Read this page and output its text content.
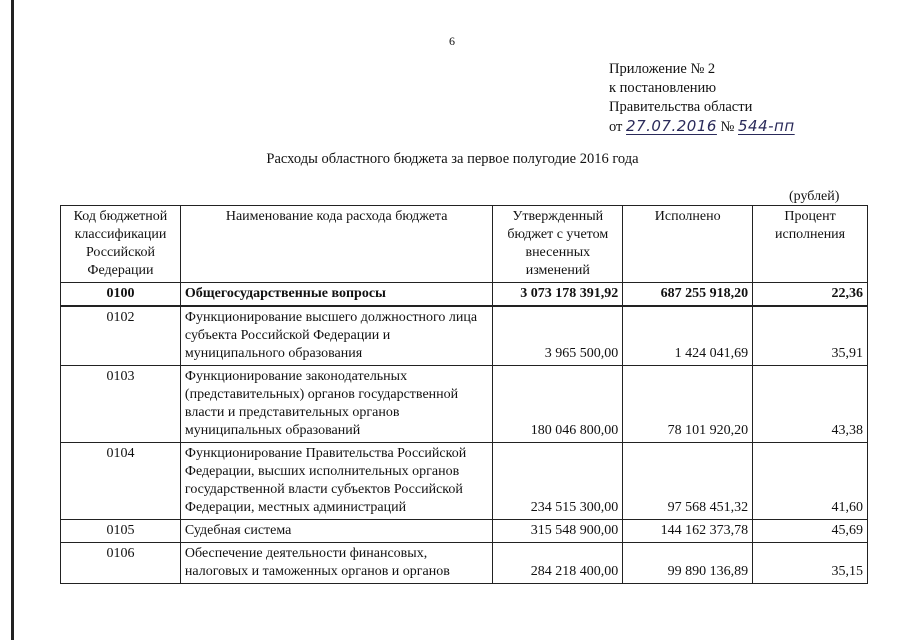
6
Приложение № 2
к постановлению
Правительства области
от 27.07.2016 № 544-пп
Расходы областного бюджета за первое полугодие 2016 года
(рублей)
Код бюджетной классификации Российской Федерации	Наименование кода расхода бюджета	Утвержденный бюджет с учетом внесенных изменений	Исполнено	Процент исполнения
0100	Общегосударственные вопросы	3 073 178 391,92	687 255 918,20	22,36
0102	Функционирование высшего должностного лица субъекта Российской Федерации и муниципального образования	3 965 500,00	1 424 041,69	35,91
0103	Функционирование законодательных (представительных) органов государственной власти и представительных органов муниципальных образований	180 046 800,00	78 101 920,20	43,38
0104	Функционирование Правительства Российской Федерации, высших исполнительных органов государственной власти субъектов Российской Федерации, местных администраций	234 515 300,00	97 568 451,32	41,60
0105	Судебная система	315 548 900,00	144 162 373,78	45,69
0106	Обеспечение деятельности финансовых, налоговых и таможенных органов и органов	284 218 400,00	99 890 136,89	35,15
